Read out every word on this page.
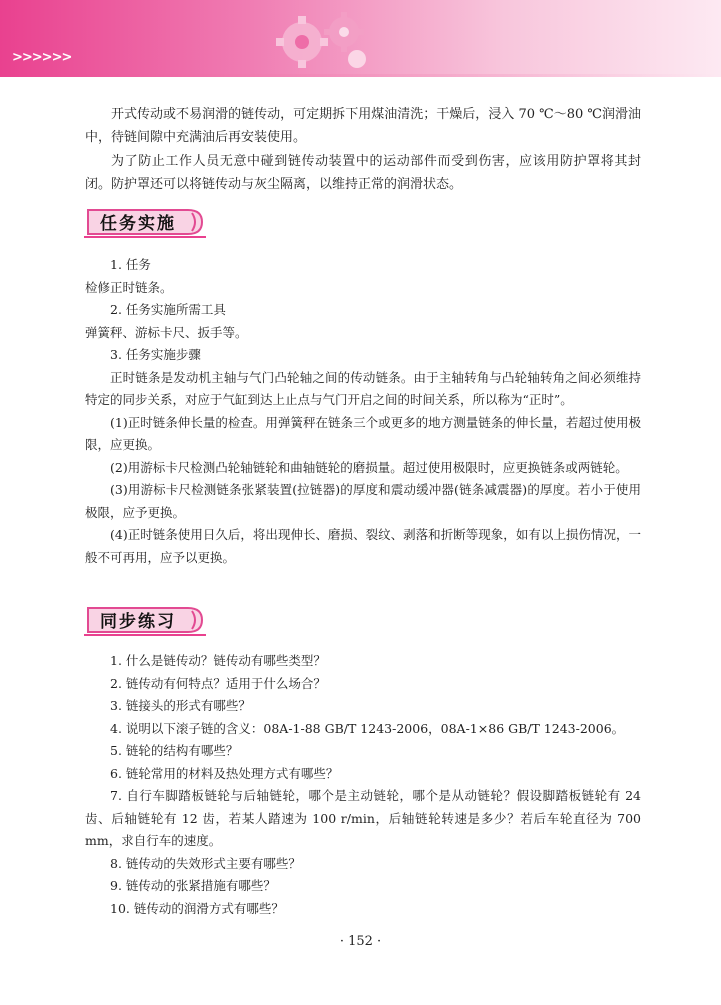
>>>>>>

开式传动或不易润滑的链传动，可定期拆下用煤油清洗；干燥后，浸入 70 ℃～80 ℃润滑油中，待链间隙中充满油后再安装使用。

为了防止工作人员无意中碰到链传动装置中的运动部件而受到伤害，应该用防护罩将其封闭。防护罩还可以将链传动与灰尘隔离，以维持正常的润滑状态。

任务实施
1. 任务
检修正时链条。
2. 任务实施所需工具
弹簧秤、游标卡尺、扳手等。
3. 任务实施步骤
正时链条是发动机主轴与气门凸轮轴之间的传动链条。由于主轴转角与凸轮轴转角之间必须维持特定的同步关系，对应于气缸到达上止点与气门开启之间的时间关系，所以称为“正时”。
(1)正时链条伸长量的检查。用弹簧秤在链条三个或更多的地方测量链条的伸长量，若超过使用极限，应更换。
(2)用游标卡尺检测凸轮轴链轮和曲轴链轮的磨损量。超过使用极限时，应更换链条或两链轮。
(3)用游标卡尺检测链条张紧装置(拉链器)的厚度和震动缓冲器(链条减震器)的厚度。若小于使用极限，应予更换。
(4)正时链条使用日久后，将出现伸长、磨损、裂纹、剥落和折断等现象，如有以上损伤情况，一般不可再用，应予以更换。
同步练习
1. 什么是链传动？链传动有哪些类型？
2. 链传动有何特点？适用于什么场合？
3. 链接头的形式有哪些？
4. 说明以下滚子链的含义：08A-1-88 GB/T 1243-2006，08A-1×86 GB/T 1243-2006。
5. 链轮的结构有哪些？
6. 链轮常用的材料及热处理方式有哪些？
7. 自行车脚踏板链轮与后轴链轮，哪个是主动链轮，哪个是从动链轮？假设脚踏板链轮有 24 齿、后轴链轮有 12 齿，若某人踏速为 100 r/min，后轴链轮转速是多少？若后车轮直径为 700 mm，求自行车的速度。
8. 链传动的失效形式主要有哪些？
9. 链传动的张紧措施有哪些？
10. 链传动的润滑方式有哪些？
· 152 ·
